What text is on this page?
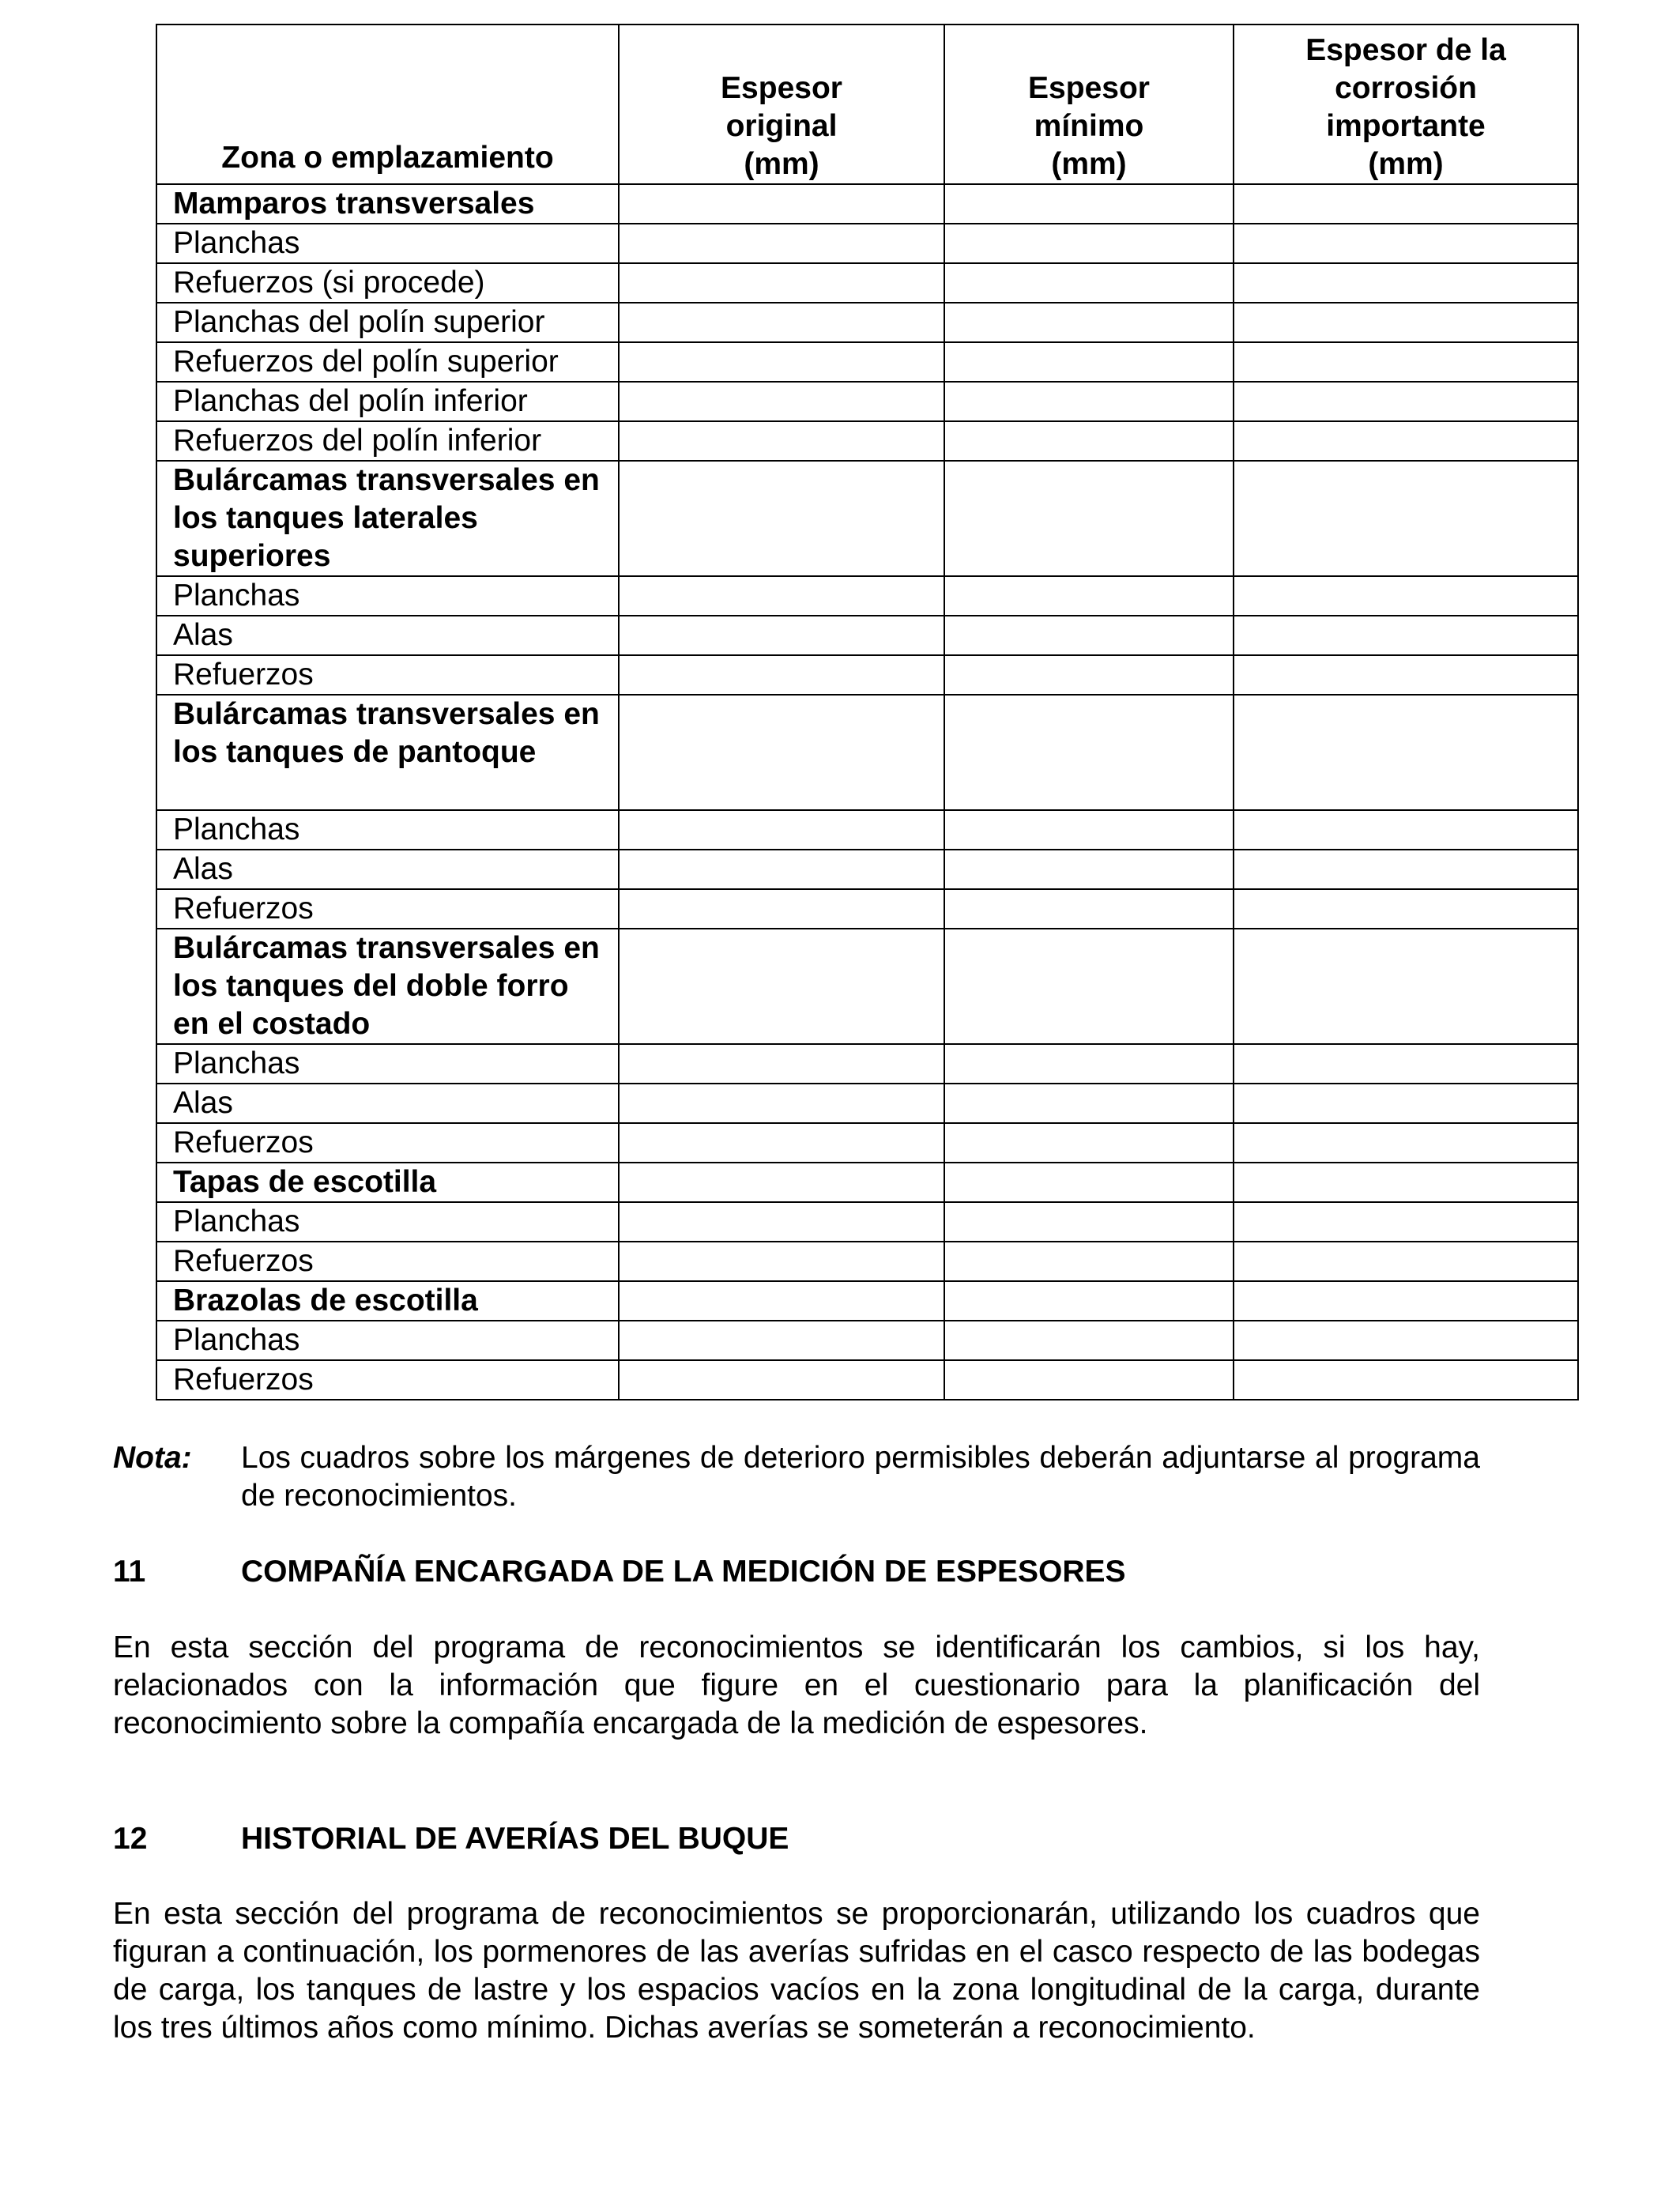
Zona o emplazamiento	Espesor
original
(mm)	Espesor
mínimo
(mm)	Espesor de la
corrosión
importante
(mm)

Mamparos transversales			
Planchas			
Refuerzos (si procede)			
Planchas del polín superior			
Refuerzos del polín superior			
Planchas del polín inferior			
Refuerzos del polín inferior			
Bulárcamas transversales en los tanques laterales superiores			
Planchas			
Alas			
Refuerzos			
Bulárcamas transversales en los tanques de pantoque			
Planchas			
Alas			
Refuerzos			
Bulárcamas transversales en los tanques del doble forro en el costado			
Planchas			
Alas			
Refuerzos			
Tapas de escotilla			
Planchas			
Refuerzos			
Brazolas de escotilla			
Planchas			
Refuerzos			
Nota: Los cuadros sobre los márgenes de deterioro permisibles deberán adjuntarse al programa de reconocimientos.
11	COMPAÑÍA ENCARGADA DE LA MEDICIÓN DE ESPESORES
En esta sección del programa de reconocimientos se identificarán los cambios, si los hay, relacionados con la información que figure en el cuestionario para la planificación del reconocimiento sobre la compañía encargada de la medición de espesores.
12	HISTORIAL DE AVERÍAS DEL BUQUE
En esta sección del programa de reconocimientos se proporcionarán, utilizando los cuadros que figuran a continuación, los pormenores de las averías sufridas en el casco respecto de las bodegas de carga, los tanques de lastre y los espacios vacíos en la zona longitudinal de la carga, durante los tres últimos años como mínimo. Dichas averías se someterán a reconocimiento.
